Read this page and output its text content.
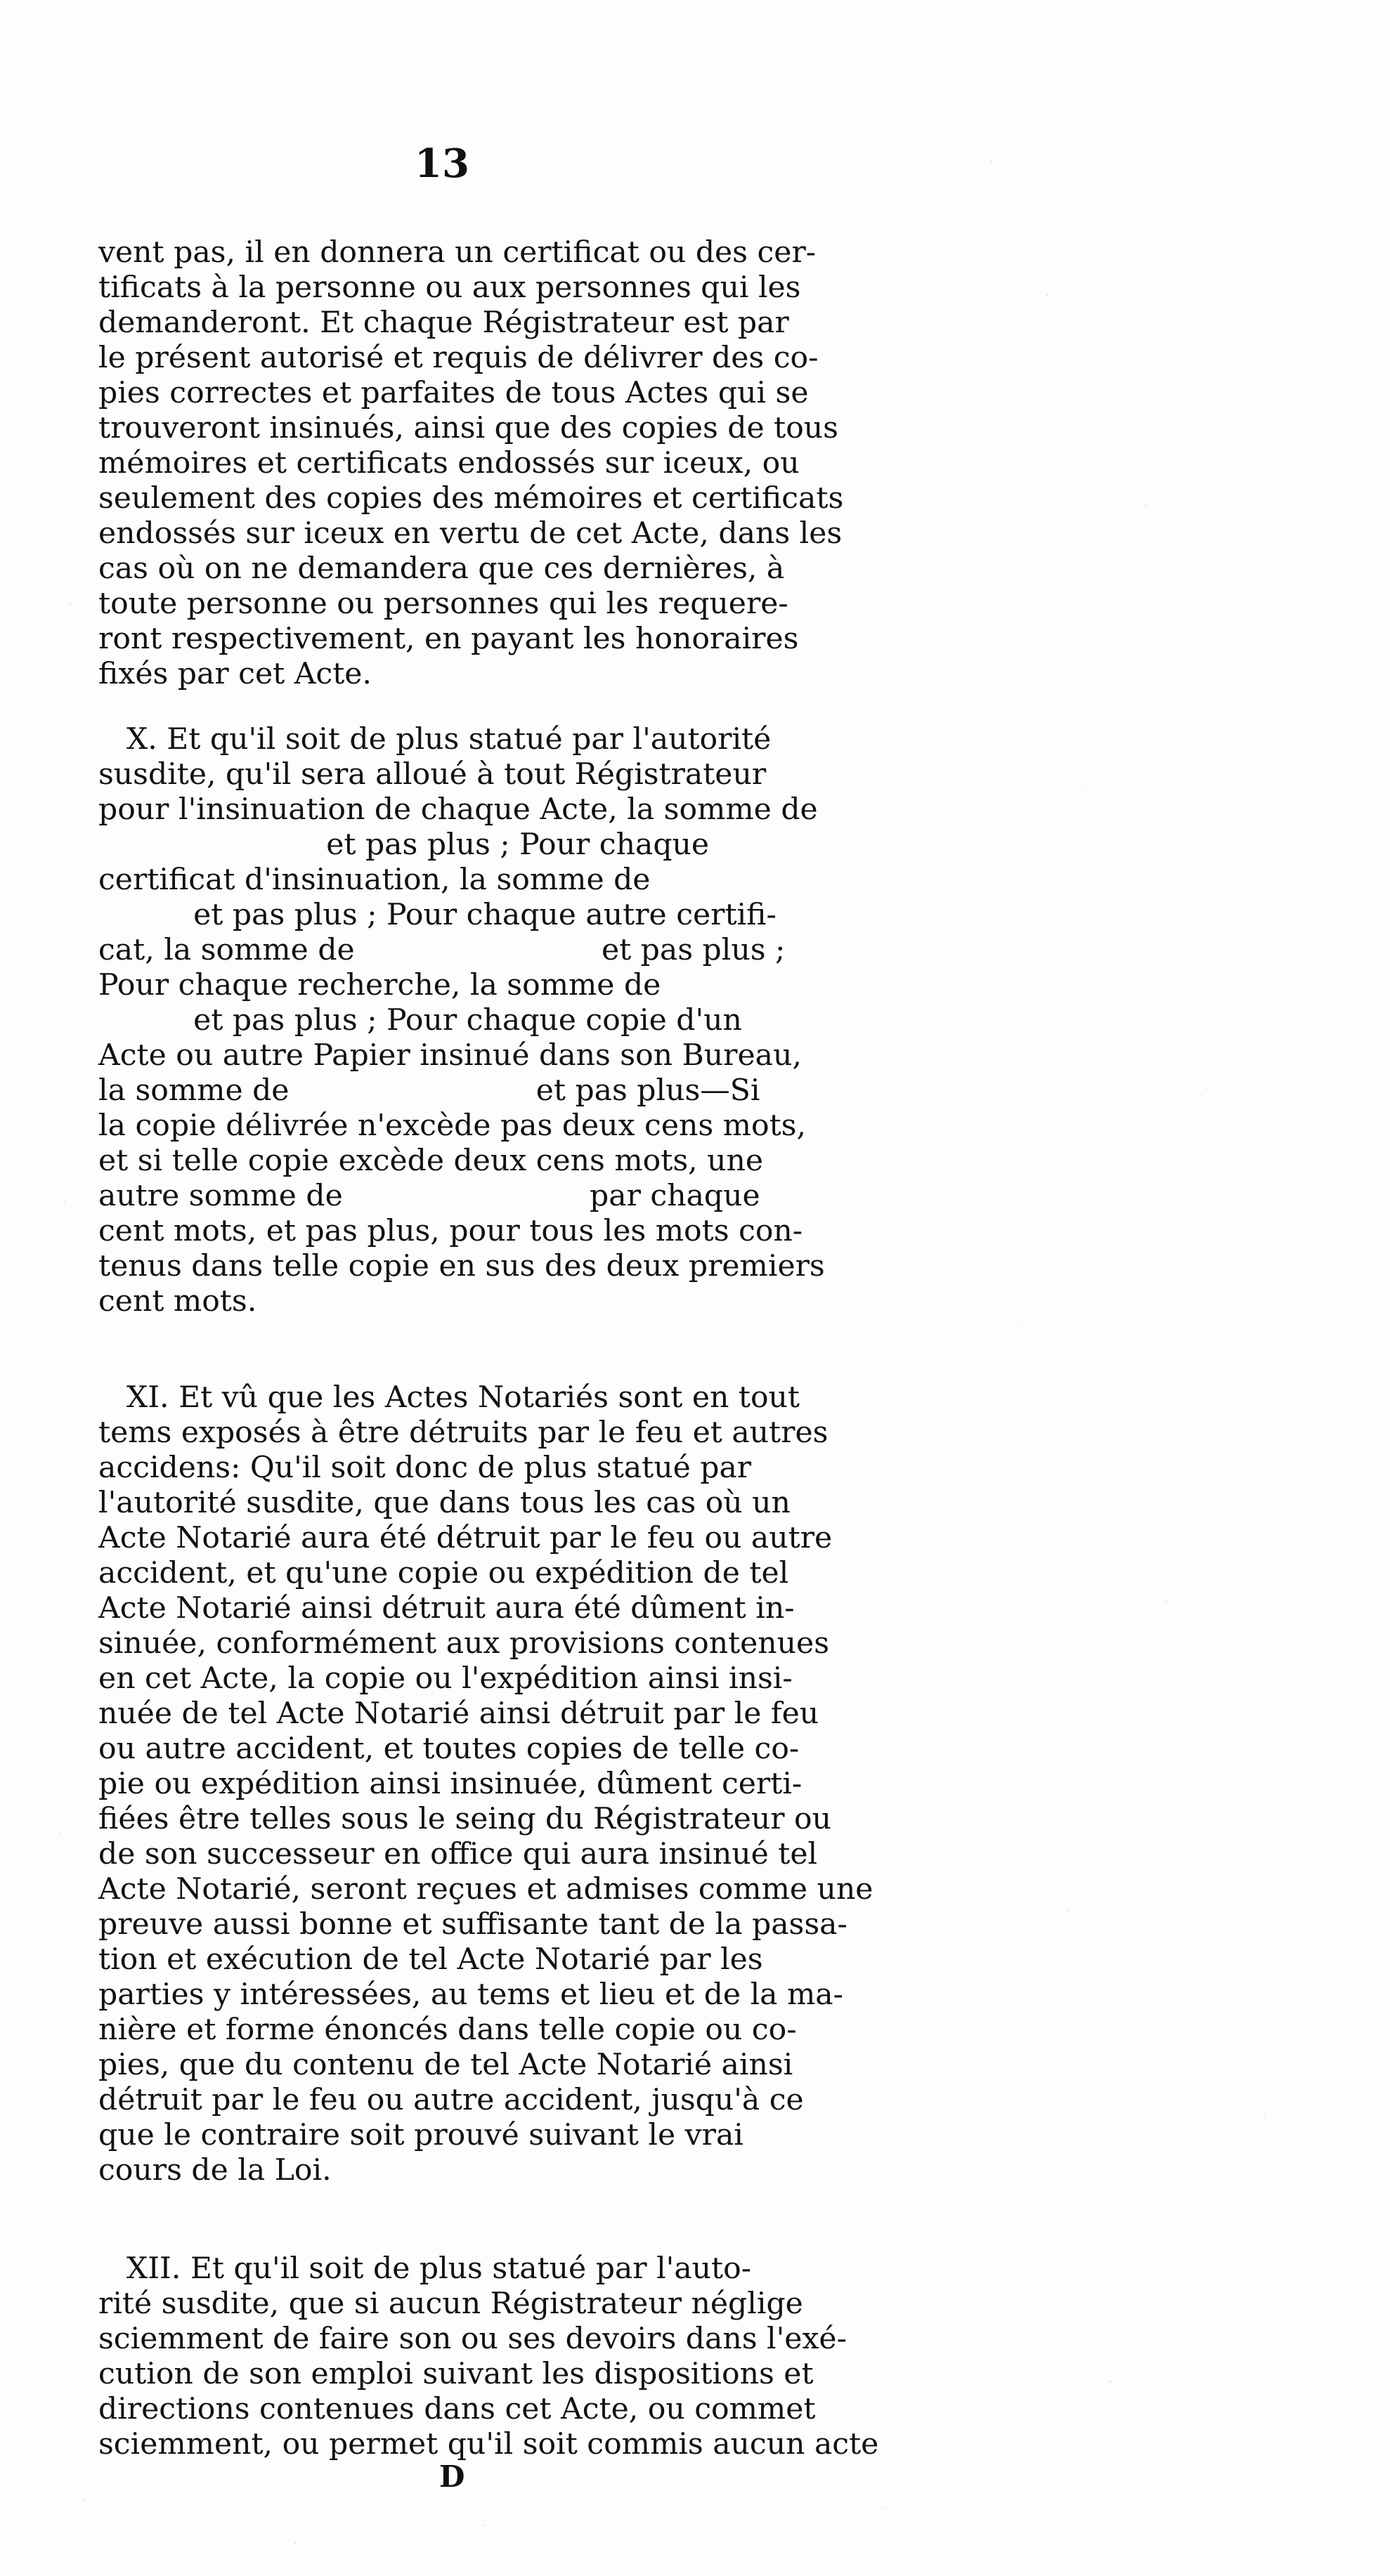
13
vent pas, il en donnera un certificat ou des cer-
tificats à la personne ou aux personnes qui les
demanderont. Et chaque Régistrateur est par
le présent autorisé et requis de délivrer des co-
pies correctes et parfaites de tous Actes qui se
trouveront insinués, ainsi que des copies de tous
mémoires et certificats endossés sur iceux, ou
seulement des copies des mémoires et certificats
endossés sur iceux en vertu de cet Acte, dans les
cas où on ne demandera que ces dernières, à
toute personne ou personnes qui les requere-
ront respectivement, en payant les honoraires
fixés par cet Acte.
X. Et qu'il soit de plus statué par l'autorité
susdite, qu'il sera alloué à tout Régistrateur
pour l'insinuation de chaque Acte, la somme de
et pas plus ; Pour chaque
certificat d'insinuation, la somme de
et pas plus ; Pour chaque autre certifi-
cat, la somme de                          et pas plus ;
Pour chaque recherche, la somme de
et pas plus ; Pour chaque copie d'un
Acte ou autre Papier insinué dans son Bureau,
la somme de                          et pas plus—Si
la copie délivrée n'excède pas deux cens mots,
et si telle copie excède deux cens mots, une
autre somme de                          par chaque
cent mots, et pas plus, pour tous les mots con-
tenus dans telle copie en sus des deux premiers
cent mots.
XI. Et vû que les Actes Notariés sont en tout
tems exposés à être détruits par le feu et autres
accidens: Qu'il soit donc de plus statué par
l'autorité susdite, que dans tous les cas où un
Acte Notarié aura été détruit par le feu ou autre
accident, et qu'une copie ou expédition de tel
Acte Notarié ainsi détruit aura été dûment in-
sinuée, conformément aux provisions contenues
en cet Acte, la copie ou l'expédition ainsi insi-
nuée de tel Acte Notarié ainsi détruit par le feu
ou autre accident, et toutes copies de telle co-
pie ou expédition ainsi insinuée, dûment certi-
fiées être telles sous le seing du Régistrateur ou
de son successeur en office qui aura insinué tel
Acte Notarié, seront reçues et admises comme une
preuve aussi bonne et suffisante tant de la passa-
tion et exécution de tel Acte Notarié par les
parties y intéressées, au tems et lieu et de la ma-
nière et forme énoncés dans telle copie ou co-
pies, que du contenu de tel Acte Notarié ainsi
détruit par le feu ou autre accident, jusqu'à ce
que le contraire soit prouvé suivant le vrai
cours de la Loi.
XII. Et qu'il soit de plus statué par l'auto-
rité susdite, que si aucun Régistrateur néglige
sciemment de faire son ou ses devoirs dans l'exé-
cution de son emploi suivant les dispositions et
directions contenues dans cet Acte, ou commet
sciemment, ou permet qu'il soit commis aucun acte
D
